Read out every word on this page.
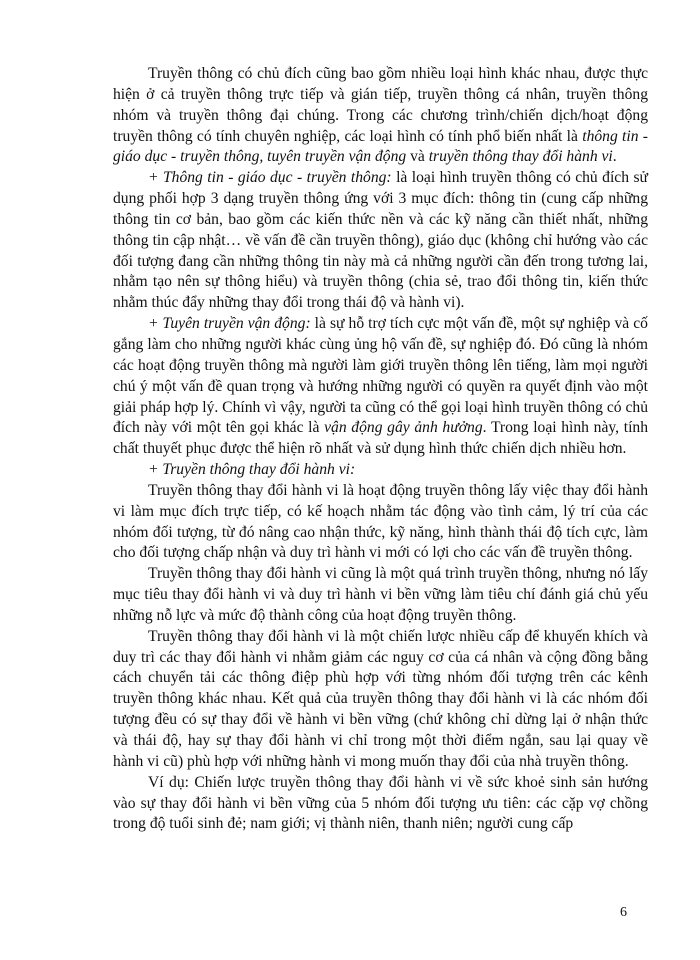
Truyền thông có chủ đích cũng bao gồm nhiều loại hình khác nhau, được thực hiện ở cả truyền thông trực tiếp và gián tiếp, truyền thông cá nhân, truyền thông nhóm và truyền thông đại chúng. Trong các chương trình/chiến dịch/hoạt động truyền thông có tính chuyên nghiệp, các loại hình có tính phổ biến nhất là thông tin - giáo dục - truyền thông, tuyên truyền vận động và truyền thông thay đổi hành vi.

+ Thông tin - giáo dục - truyền thông: là loại hình truyền thông có chủ đích sử dụng phối hợp 3 dạng truyền thông ứng với 3 mục đích: thông tin (cung cấp những thông tin cơ bản, bao gồm các kiến thức nền và các kỹ năng cần thiết nhất, những thông tin cập nhật… về vấn đề cần truyền thông), giáo dục (không chỉ hướng vào các đối tượng đang cần những thông tin này mà cả những người cần đến trong tương lai, nhằm tạo nên sự thông hiểu) và truyền thông (chia sẻ, trao đổi thông tin, kiến thức nhằm thúc đẩy những thay đổi trong thái độ và hành vi).

+ Tuyên truyền vận động: là sự hỗ trợ tích cực một vấn đề, một sự nghiệp và cố gắng làm cho những người khác cùng ủng hộ vấn đề, sự nghiệp đó. Đó cũng là nhóm các hoạt động truyền thông mà người làm giới truyền thông lên tiếng, làm mọi người chú ý một vấn đề quan trọng và hướng những người có quyền ra quyết định vào một giải pháp hợp lý. Chính vì vậy, người ta cũng có thể gọi loại hình truyền thông có chủ đích này với một tên gọi khác là vận động gây ảnh hưởng. Trong loại hình này, tính chất thuyết phục được thể hiện rõ nhất và sử dụng hình thức chiến dịch nhiều hơn.

+ Truyền thông thay đổi hành vi:

Truyền thông thay đổi hành vi là hoạt động truyền thông lấy việc thay đổi hành vi làm mục đích trực tiếp, có kế hoạch nhằm tác động vào tình cảm, lý trí của các nhóm đối tượng, từ đó nâng cao nhận thức, kỹ năng, hình thành thái độ tích cực, làm cho đối tượng chấp nhận và duy trì hành vi mới có lợi cho các vấn đề truyền thông.

Truyền thông thay đổi hành vi cũng là một quá trình truyền thông, nhưng nó lấy mục tiêu thay đổi hành vi và duy trì hành vi bền vững làm tiêu chí đánh giá chủ yếu những nỗ lực và mức độ thành công của hoạt động truyền thông.

Truyền thông thay đổi hành vi là một chiến lược nhiều cấp để khuyến khích và duy trì các thay đổi hành vi nhằm giảm các nguy cơ của cá nhân và cộng đồng bằng cách chuyển tải các thông điệp phù hợp với từng nhóm đối tượng trên các kênh truyền thông khác nhau. Kết quả của truyền thông thay đổi hành vi là các nhóm đối tượng đều có sự thay đổi về hành vi bền vững (chứ không chỉ dừng lại ở nhận thức và thái độ, hay sự thay đổi hành vi chỉ trong một thời điểm ngắn, sau lại quay về hành vi cũ) phù hợp với những hành vi mong muốn thay đổi của nhà truyền thông.

Ví dụ: Chiến lược truyền thông thay đổi hành vi về sức khoẻ sinh sản hướng vào sự thay đổi hành vi bền vững của 5 nhóm đối tượng ưu tiên: các cặp vợ chồng trong độ tuổi sinh đẻ; nam giới; vị thành niên, thanh niên; người cung cấp

6
